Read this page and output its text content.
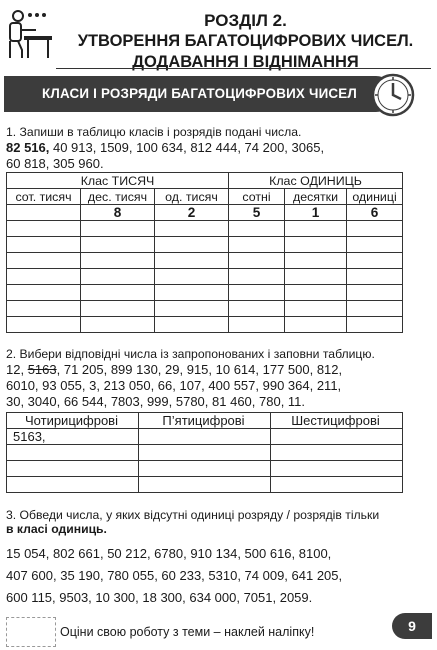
РОЗДІЛ 2.
УТВОРЕННЯ БАГАТОЦИФРОВИХ ЧИСЕЛ.
ДОДАВАННЯ І ВІДНІМАННЯ
КЛАСИ І РОЗРЯДИ БАГАТОЦИФРОВИХ ЧИСЕЛ
1. Запиши в таблицю класів і розрядів подані числа.
82 516, 40 913, 1509, 100 634, 812 444, 74 200, 3065,
60 818, 305 960.
Клас ТИСЯЧ			Клас ОДИНИЦЬ		
сот. тисяч	дес. тисяч	од. тисяч	сотні	десятки	одиниці
	8	2	5	1	6

2. Вибери відповідні числа із запропонованих і заповни таблицю.
12, 5163, 71 205, 899 130, 29, 915, 10 614, 177 500, 812,
6010, 93 055, 3, 213 050, 66, 107, 400 557, 990 364, 211,
30, 3040, 66 544, 7803, 999, 5780, 81 460, 780, 11.
Чотирицифрові	П’ятицифрові	Шестицифрові
5163,		

3. Обведи числа, у яких відсутні одиниці розряду / розрядів тільки
в класі одиниць.
15 054, 802 661, 50 212, 6780, 910 134, 500 616, 8100,
407 600, 35 190, 780 055, 60 233, 5310, 74 009, 641 205,
600 115, 9503, 10 300, 18 300, 634 000, 7051, 2059.
Оціни свою роботу з теми – наклей наліпку!	9
